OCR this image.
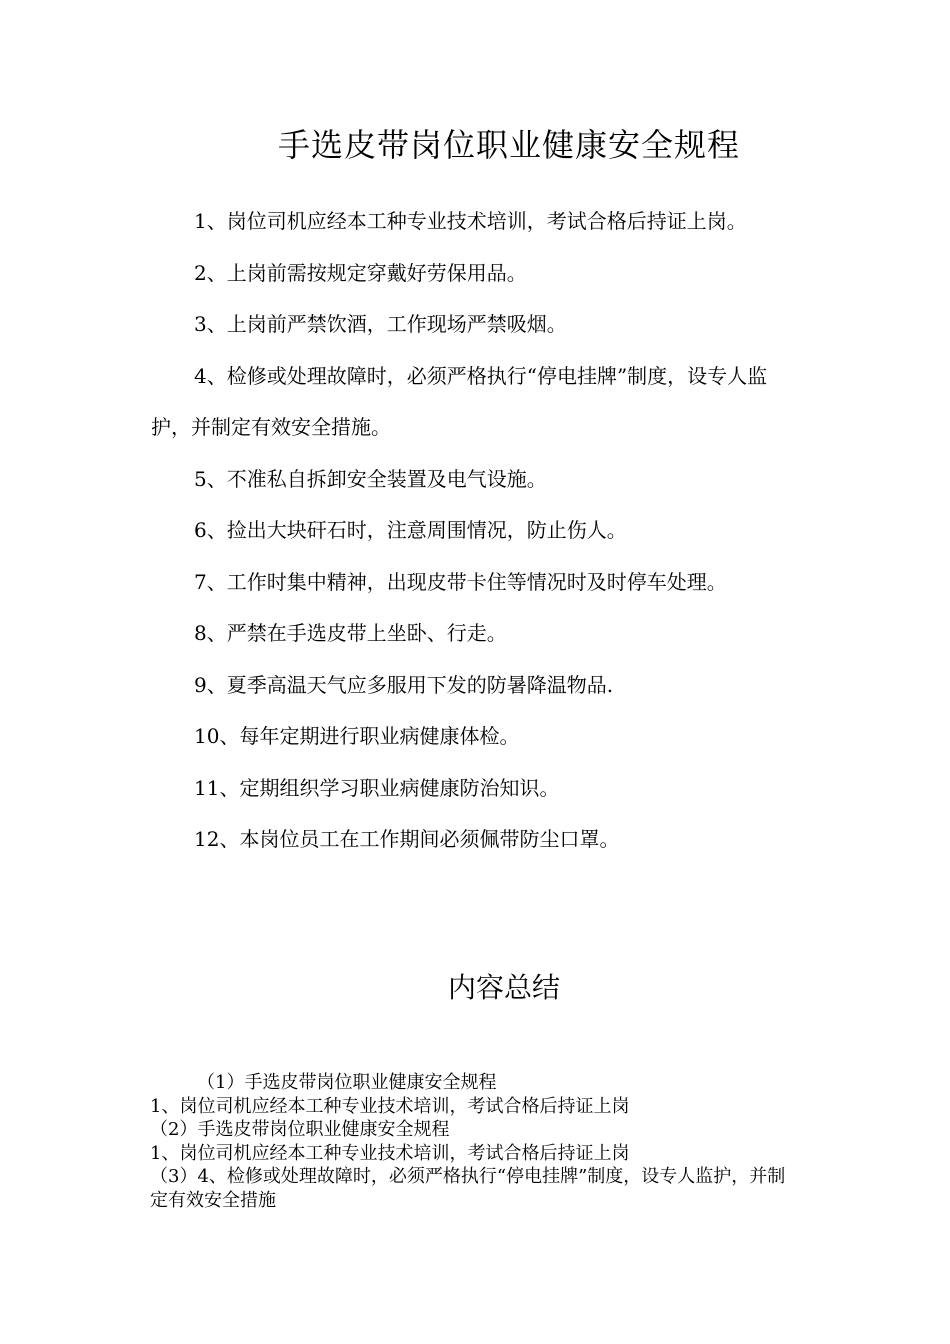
手选皮带岗位职业健康安全规程
1、岗位司机应经本工种专业技术培训，考试合格后持证上岗。
2、上岗前需按规定穿戴好劳保用品。
3、上岗前严禁饮酒，工作现场严禁吸烟。
4、检修或处理故障时，必须严格执行“停电挂牌”制度，设专人监护，并制定有效安全措施。
5、不准私自拆卸安全装置及电气设施。
6、捡出大块矸石时，注意周围情况，防止伤人。
7、工作时集中精神，出现皮带卡住等情况时及时停车处理。
8、严禁在手选皮带上坐卧、行走。
9、夏季高温天气应多服用下发的防暑降温物品.
10、每年定期进行职业病健康体检。
11、定期组织学习职业病健康防治知识。
12、本岗位员工在工作期间必须佩带防尘口罩。
内容总结
（1）手选皮带岗位职业健康安全规程
1、岗位司机应经本工种专业技术培训，考试合格后持证上岗
（2）手选皮带岗位职业健康安全规程
1、岗位司机应经本工种专业技术培训，考试合格后持证上岗
（3）4、检修或处理故障时，必须严格执行“停电挂牌”制度，设专人监护，并制定有效安全措施
